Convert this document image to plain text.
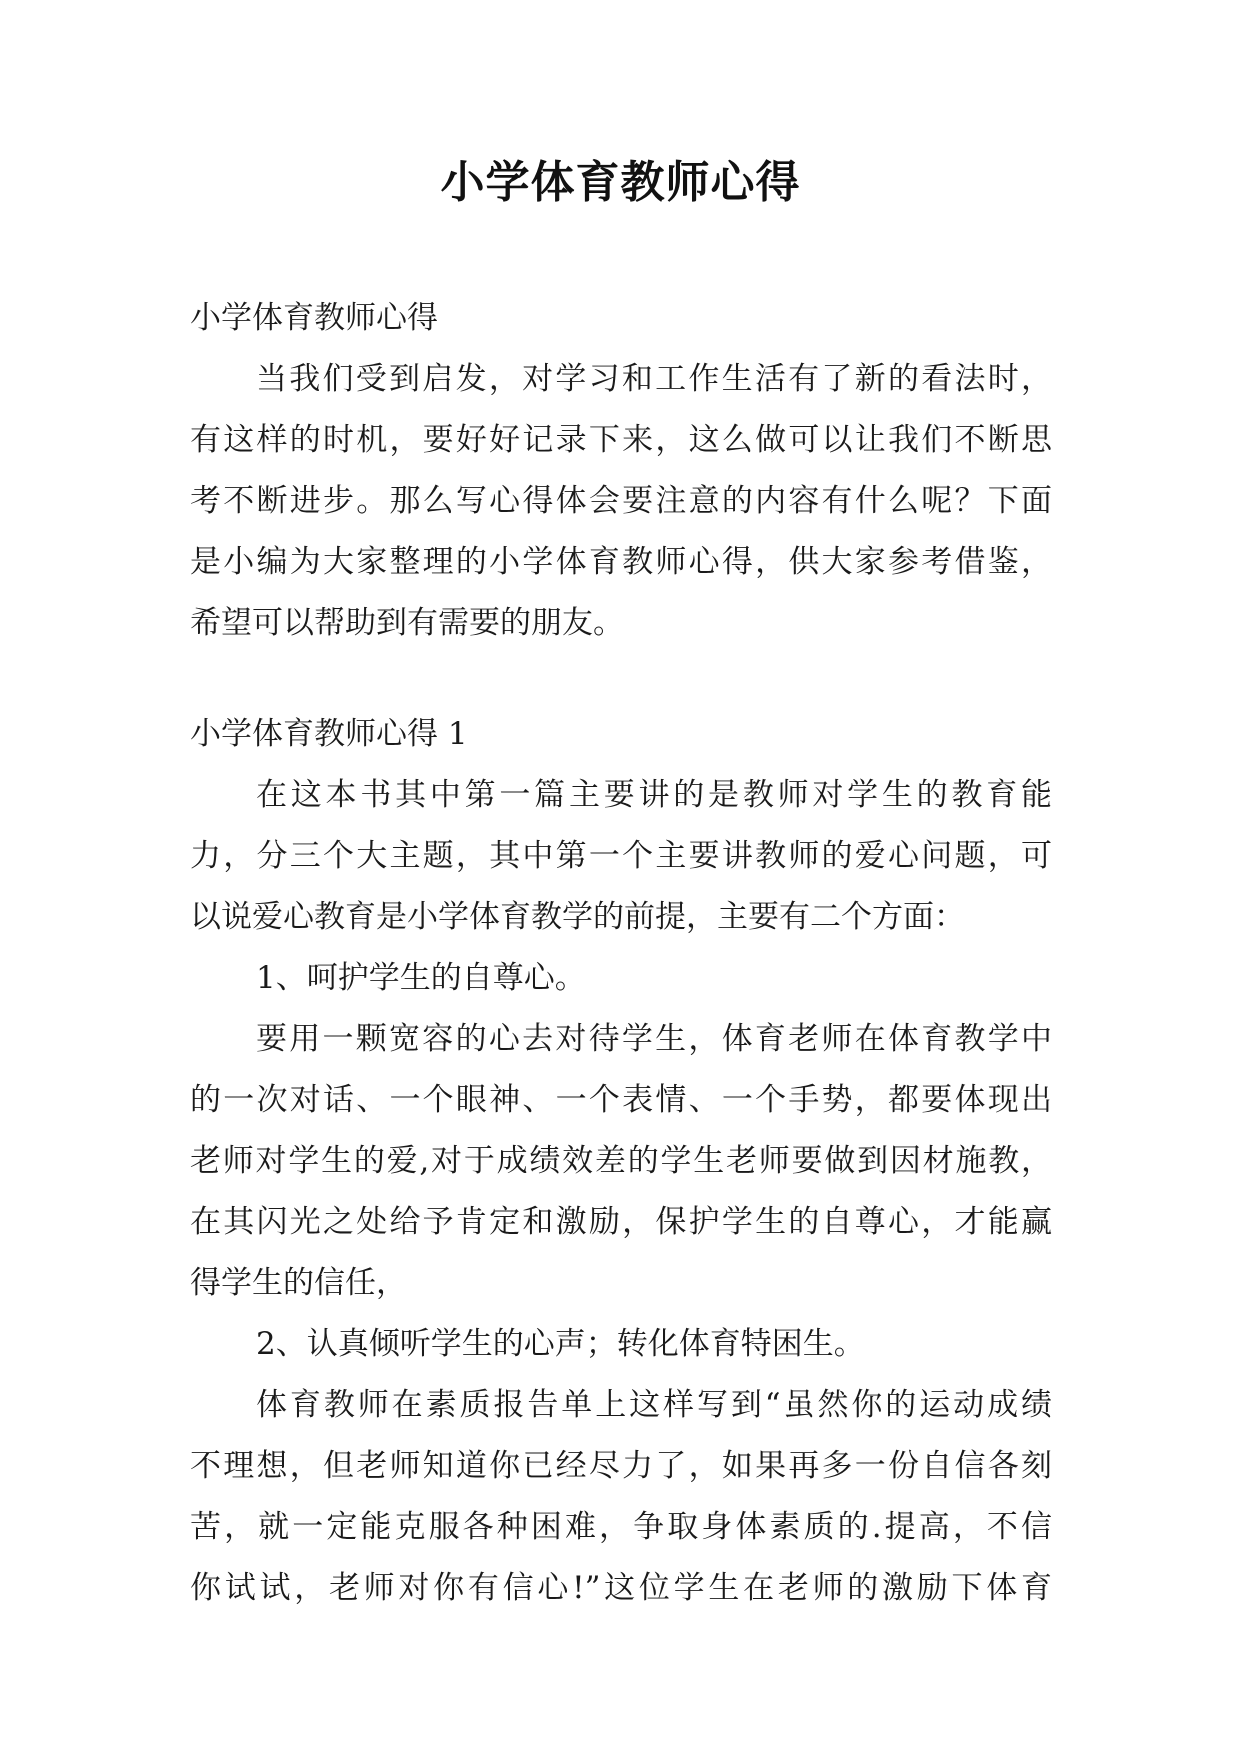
小学体育教师心得
小学体育教师心得
当我们受到启发，对学习和工作生活有了新的看法时，
有这样的时机，要好好记录下来，这么做可以让我们不断思
考不断进步。那么写心得体会要注意的内容有什么呢？下面
是小编为大家整理的小学体育教师心得，供大家参考借鉴，
希望可以帮助到有需要的朋友。
小学体育教师心得 1
在这本书其中第一篇主要讲的是教师对学生的教育能
力，分三个大主题，其中第一个主要讲教师的爱心问题，可
以说爱心教育是小学体育教学的前提，主要有二个方面：
1、呵护学生的自尊心。
要用一颗宽容的心去对待学生，体育老师在体育教学中
的一次对话、一个眼神、一个表情、一个手势，都要体现出
老师对学生的爱,对于成绩效差的学生老师要做到因材施教，
在其闪光之处给予肯定和激励，保护学生的自尊心，才能赢
得学生的信任，
2、认真倾听学生的心声；转化体育特困生。
体育教师在素质报告单上这样写到“虽然你的运动成绩
不理想，但老师知道你已经尽力了，如果再多一份自信各刻
苦，就一定能克服各种困难，争取身体素质的.提高，不信
你试试，老师对你有信心!”这位学生在老师的激励下体育
